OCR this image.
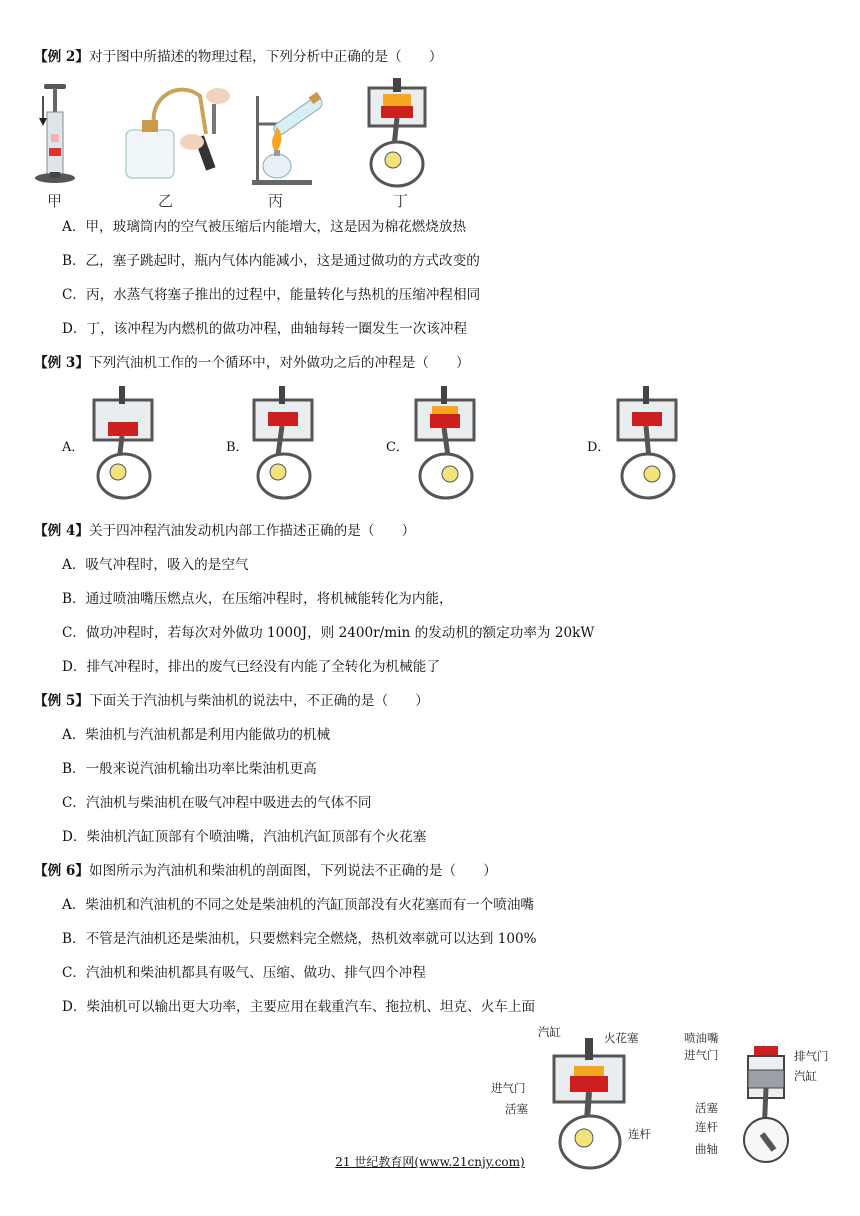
【例 2】对于图中所描述的物理过程，下列分析中正确的是（　　）
甲	乙	丙	丁
A．甲，玻璃筒内的空气被压缩后内能增大，这是因为棉花燃烧放热
B．乙，塞子跳起时，瓶内气体内能减小，这是通过做功的方式改变的
C．丙，水蒸气将塞子推出的过程中，能量转化与热机的压缩冲程相同
D．丁，该冲程为内燃机的做功冲程，曲轴每转一圈发生一次该冲程
【例 3】下列汽油机工作的一个循环中，对外做功之后的冲程是（　　）
A．	B．	C．	D．
【例 4】关于四冲程汽油发动机内部工作描述正确的是（　　）
A．吸气冲程时，吸入的是空气
B．通过喷油嘴压燃点火，在压缩冲程时，将机械能转化为内能，
C．做功冲程时，若每次对外做功 1000J，则 2400r/min 的发动机的额定功率为 20kW
D．排气冲程时，排出的废气已经没有内能了全转化为机械能了
【例 5】下面关于汽油机与柴油机的说法中，不正确的是（　　）
A．柴油机与汽油机都是利用内能做功的机械
B．一般来说汽油机输出功率比柴油机更高
C．汽油机与柴油机在吸气冲程中吸进去的气体不同
D．柴油机汽缸顶部有个喷油嘴，汽油机汽缸顶部有个火花塞
【例 6】如图所示为汽油机和柴油机的剖面图，下列说法不正确的是（　　）
A．柴油机和汽油机的不同之处是柴油机的汽缸顶部没有火花塞而有一个喷油嘴
B．不管是汽油机还是柴油机，只要燃料完全燃烧，热机效率就可以达到 100%
C．汽油机和柴油机都具有吸气、压缩、做功、排气四个冲程
D．柴油机可以输出更大功率，主要应用在载重汽车、拖拉机、坦克、火车上面
汽缸	火花塞
进气门
活塞
连杆
喷油嘴
进气门	排气门
汽缸
活塞
连杆
曲轴
21 世纪教育网(www.21cnjy.com)
